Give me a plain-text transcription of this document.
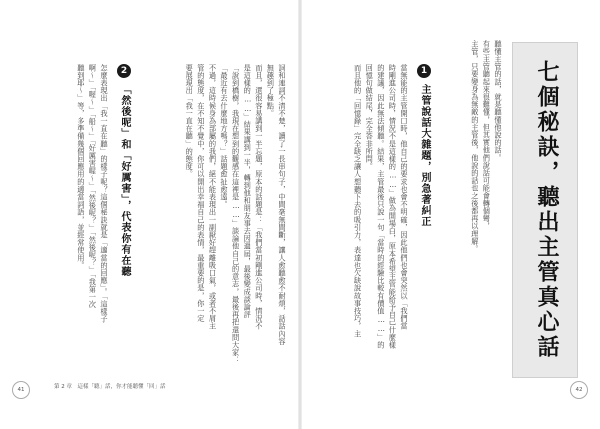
七個秘訣，聽出主管真心話
聽懂主管的話，就是聽懂他說的話。
有些主管聽起來很難懂，但其實他們說話可能會轉個彎，
主管，只要變身為無敵的主管後，他說的話也之後都再以理解。
1
主管說話大雜題，別急著糾正
當無能的主管開口時，他自己的要求也會不明確，因此他們也會突然以「我們當
時剛進公司時，情況不是這樣的……」做為開場白，原本希望主管能給予自己什麼樣
的建議，因此無法傾聽。結果，主管最後只說一句「當時的經驗比較有價值……」的
回憶句做結尾，完全答非所問。
而且他的「回憶錄」完全缺乏讓人想聽下去的吸引力，表達也欠缺說故事技巧，主
42
詞和連詞不清不楚，讀了一長串句子，中間毫無間斷，讓人愈聽愈不耐煩，話話內容
無趣到了極點。
而且，還很容易講到一半忘題，原本的話題是：「我們當初剛進公司時，情況不
是這樣的……」結果講到一半，轉到他和朋友事去因過屆，最後變成談論評
「說到橋樹，我現在想到的觀感在這裡是……」談論他自己的意志，最後再把還問大家：
「最近有去什麼地方嗎？」話題愈扯愈遠。
不過，這時候身為部屬的我們，絕不能表現出一副厭好趕離吸口氣，或者不屑主
管的態度，在不知不覺中，你可以開出幸福自己的表情，最重要的是，你一定
要展現出「我一直在聽」的態度。
2
「然後呢」和「好厲害」，代表你有在聽
怎麼表現出「我一直在聽」的樣子呢？這個秘訣就是「適當的回應」。「這樣子
啊～」「喔～」「船～」「好厲害喔～」「然後呢？」「然後呢？」「我第一次
聽到耶～」等，多準備幾個回應用的適當詞語，並經常使用。
41	第 2 章　這樣「聽」話，你才能聽懂「回」話
